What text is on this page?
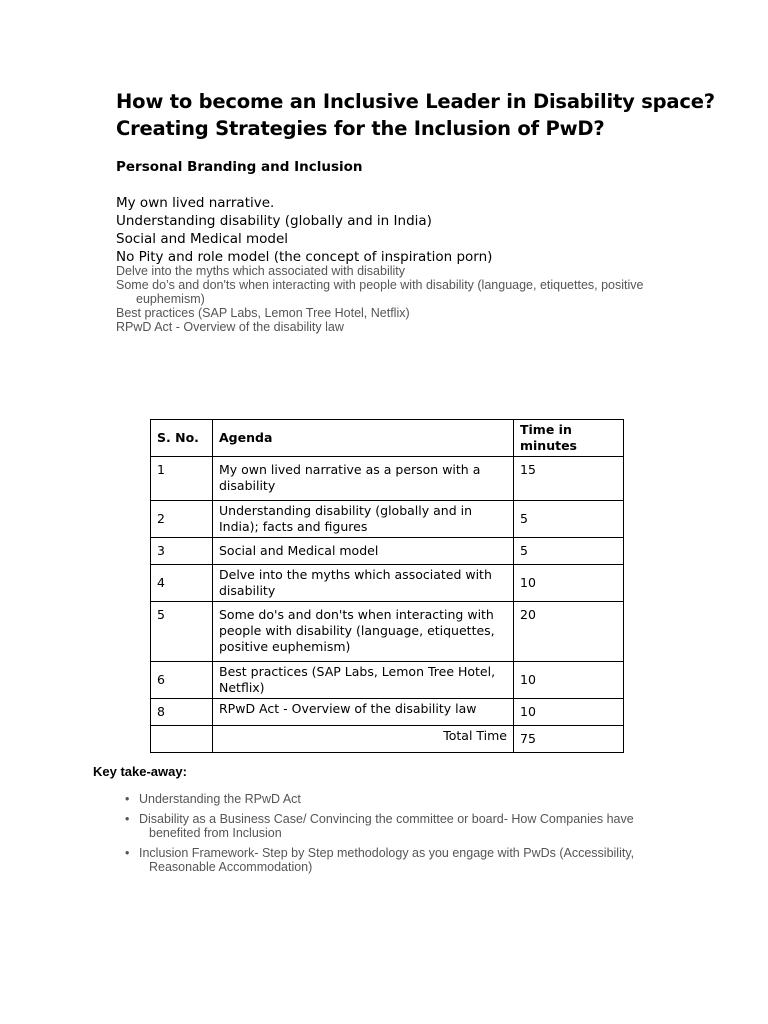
How to become an Inclusive Leader in Disability space?
Creating Strategies for the Inclusion of PwD?
Personal Branding and Inclusion
My own lived narrative.
Understanding disability (globally and in India)
Social and Medical model
No Pity and role model (the concept of inspiration porn)
Delve into the myths which associated with disability
Some do’s and don'ts when interacting with people with disability (language, etiquettes, positive euphemism)
Best practices (SAP Labs, Lemon Tree Hotel, Netflix)
RPwD Act - Overview of the disability law
S. No.	Agenda	Time in minutes
1	My own lived narrative as a person with a disability	15
2	Understanding disability (globally and in India); facts and figures	5
3	Social and Medical model	5
4	Delve into the myths which associated with disability	10
5	Some do's and don'ts when interacting with people with disability (language, etiquettes, positive euphemism)	20
6	Best practices (SAP Labs, Lemon Tree Hotel, Netflix)	10
8	RPwD Act - Overview of the disability law	10
	Total Time	75
Key take-away:
• Understanding the RPwD Act
• Disability as a Business Case/ Convincing the committee or board- How Companies have benefited from Inclusion
• Inclusion Framework- Step by Step methodology as you engage with PwDs (Accessibility, Reasonable Accommodation)
